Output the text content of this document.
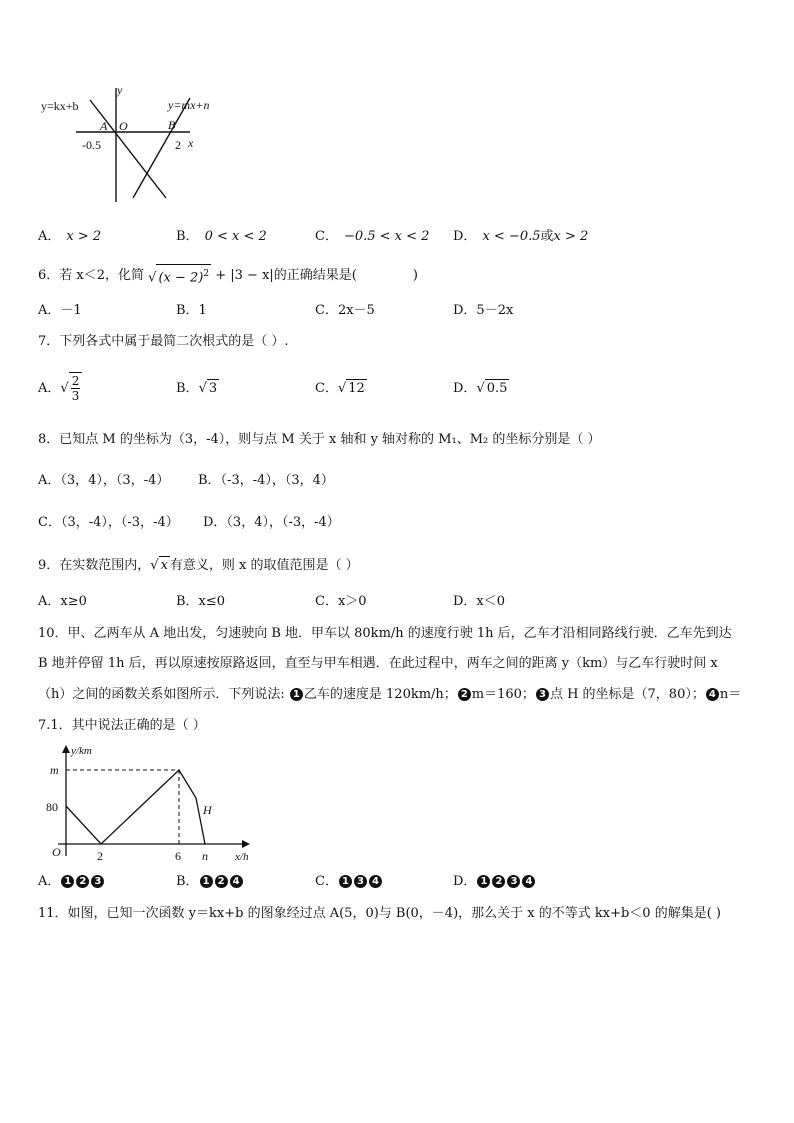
y
x
y=kx+b	y=mx+n
A O	B
-0.5	2
A． x > 2	B． 0 < x < 2	C． −0.5 < x < 2 D． x < −0.5或x > 2
6．若 x＜2，化简 √ $(x - 2)^2 + |3 - x|$的正确结果是(	)
A．－1	B．1	C．2x－5	D．5－2x
7．下列各式中属于最简二次根式的是（ ）.
A．√ $\frac{2}{3}$	B．√ 3	C．√ 12	D．√ 0.5
8．已知点 M 的坐标为（3，-4），则与点 M 关于 x 轴和 y 轴对称的 M₁、M₂ 的坐标分别是（ ）
A．（3，4），（3，-4） B．（-3，-4），（3，4）
C．（3，-4），（-3，-4） D．（3，4），（-3，-4）
9．在实数范围内，√ x 有意义，则 x 的取值范围是（ ）
A．x≥0	B．x≤0	C．x＞0	D．x＜0
10．甲、乙两车从 A 地出发，匀速驶向 B 地．甲车以 80km/h 的速度行驶 1h 后，乙车才沿相同路线行驶．乙车先到达
B 地并停留 1h 后，再以原速按原路返回，直至与甲车相遇．在此过程中，两车之间的距离 y（km）与乙车行驶时间 x
（h）之间的函数关系如图所示．下列说法: 1 乙车的速度是 120km/h； 2 m＝160； 3 点 H 的坐标是（7，80）； 4 n＝
7.1．其中说法正确的是（ ）
y/km
x/h
O
m
80
2	6 n
H
A． 1 2 3	B． 1 2 4	C． 1 3 4	D． 1 2 3 4
11．如图，已知一次函数 y＝kx+b 的图象经过点 A(5，0)与 B(0，－4)，那么关于 x 的不等式 kx+b＜0 的解集是( )
